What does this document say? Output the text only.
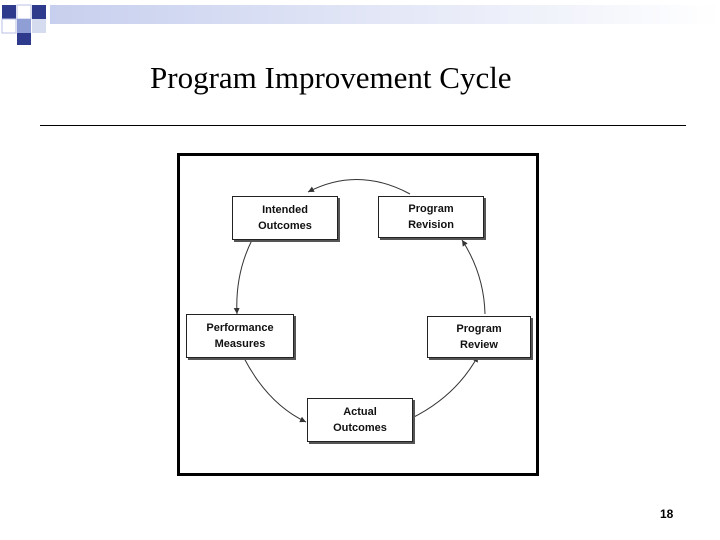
Program Improvement Cycle
Intended
Outcomes
Program
Revision
Performance
Measures
Program
Review
Actual
Outcomes
18
